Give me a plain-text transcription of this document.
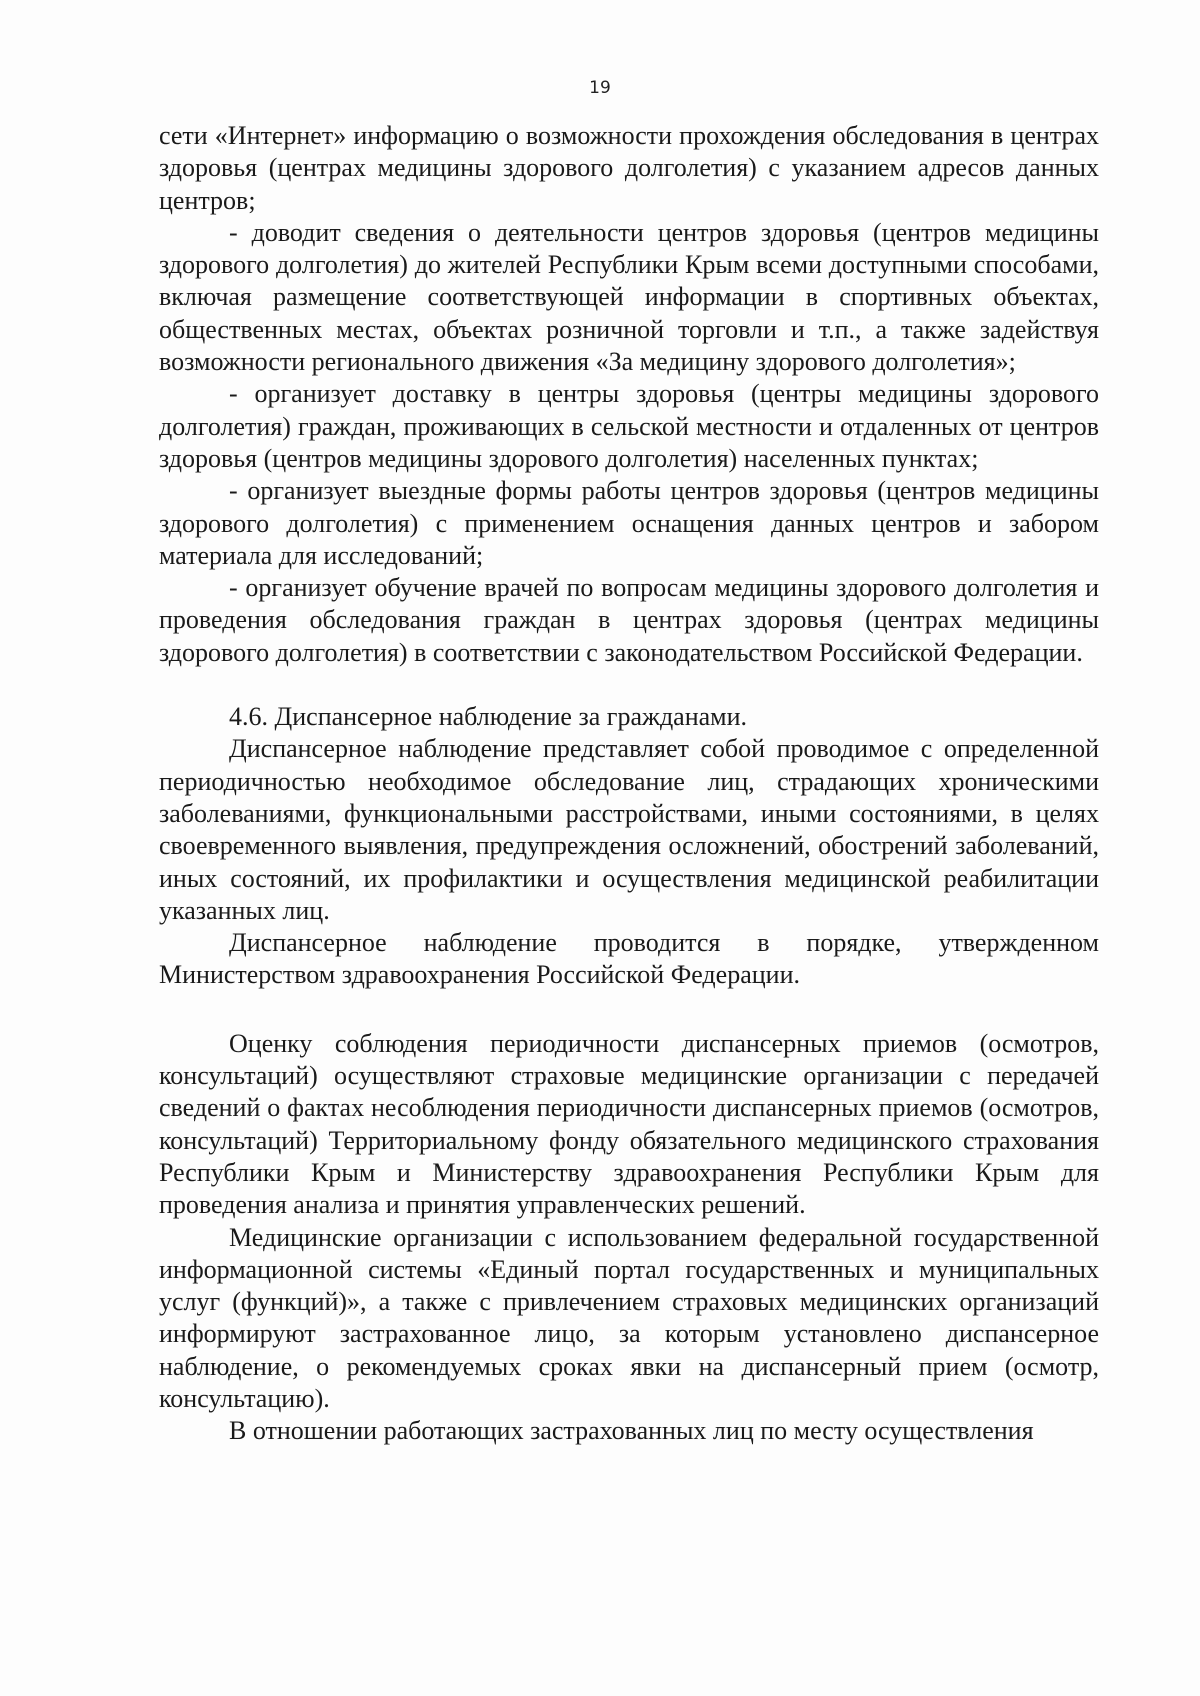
19

сети «Интернет» информацию о возможности прохождения обследования в центрах здоровья (центрах медицины здорового долголетия) с указанием адресов данных центров;

- доводит сведения о деятельности центров здоровья (центров медицины здорового долголетия) до жителей Республики Крым всеми доступными способами, включая размещение соответствующей информации в спортивных объектах, общественных местах, объектах розничной торговли и т.п., а также задействуя возможности регионального движения «За медицину здорового долголетия»;

- организует доставку в центры здоровья (центры медицины здорового долголетия) граждан, проживающих в сельской местности и отдаленных от центров здоровья (центров медицины здорового долголетия) населенных пунктах;

- организует выездные формы работы центров здоровья (центров медицины здорового долголетия) с применением оснащения данных центров и забором материала для исследований;

- организует обучение врачей по вопросам медицины здорового долголетия и проведения обследования граждан в центрах здоровья (центрах медицины здорового долголетия) в соответствии с законодательством Российской Федерации.

4.6. Диспансерное наблюдение за гражданами.

Диспансерное наблюдение представляет собой проводимое с определенной периодичностью необходимое обследование лиц, страдающих хроническими заболеваниями, функциональными расстройствами, иными состояниями, в целях своевременного выявления, предупреждения осложнений, обострений заболеваний, иных состояний, их профилактики и осуществления медицинской реабилитации указанных лиц.

Диспансерное наблюдение проводится в порядке, утвержденном Министерством здравоохранения Российской Федерации.

Оценку соблюдения периодичности диспансерных приемов (осмотров, консультаций) осуществляют страховые медицинские организации с передачей сведений о фактах несоблюдения периодичности диспансерных приемов (осмотров, консультаций) Территориальному фонду обязательного медицинского страхования Республики Крым и Министерству здравоохранения Республики Крым для проведения анализа и принятия управленческих решений.

Медицинские организации с использованием федеральной государственной информационной системы «Единый портал государственных и муниципальных услуг (функций)», а также с привлечением страховых медицинских организаций информируют застрахованное лицо, за которым установлено диспансерное наблюдение, о рекомендуемых сроках явки на диспансерный прием (осмотр, консультацию).

В отношении работающих застрахованных лиц по месту осуществления
